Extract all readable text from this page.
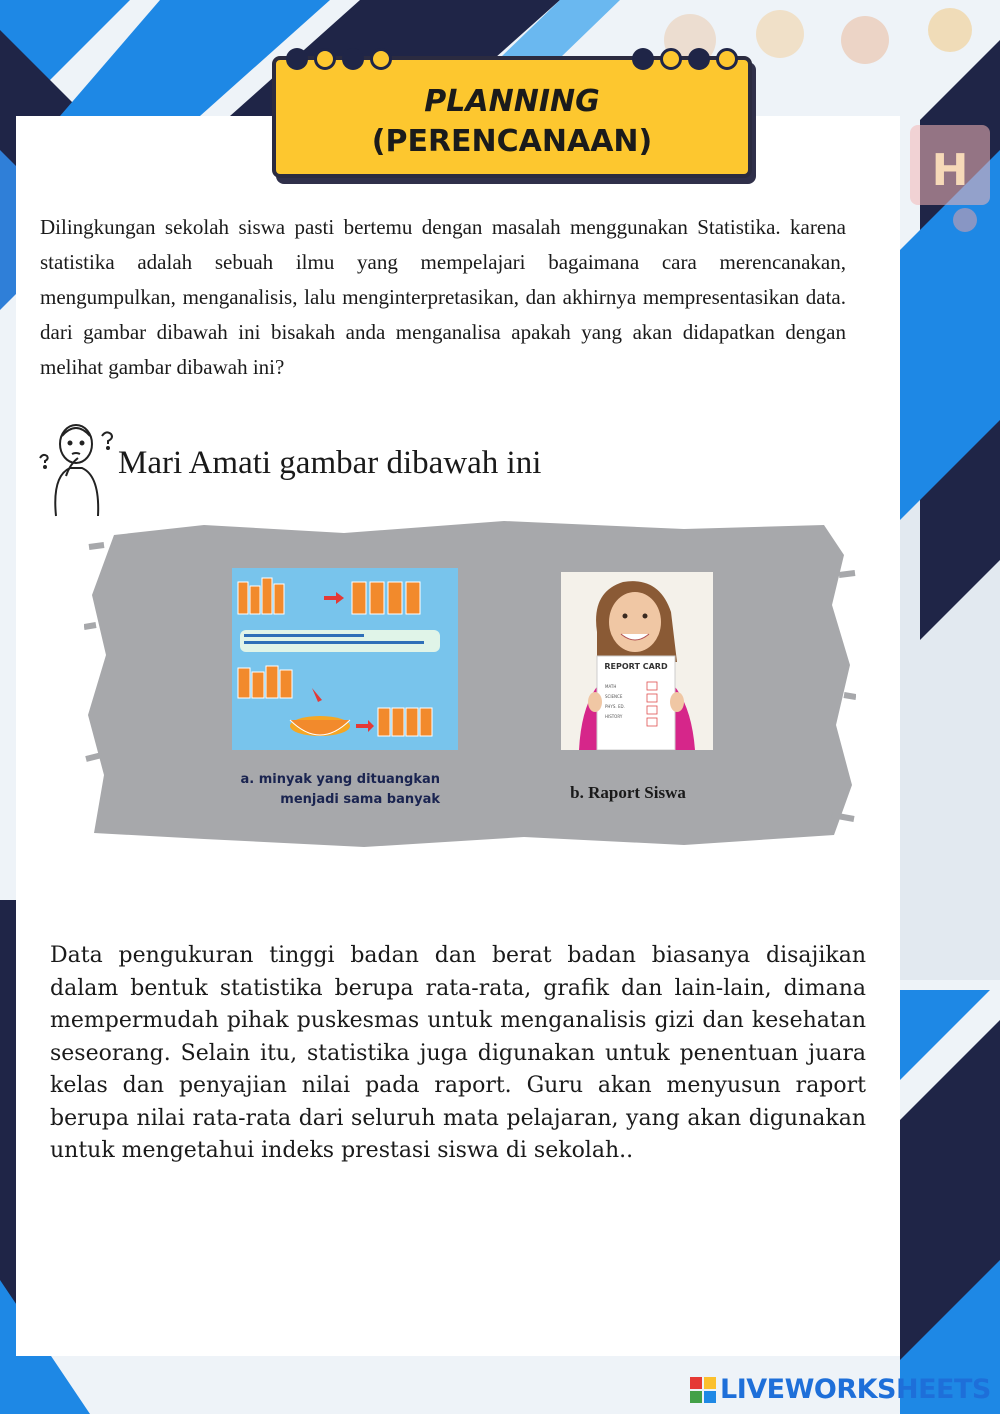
H
PLANNING
(PERENCANAAN)

Dilingkungan sekolah siswa pasti bertemu dengan masalah menggunakan Statistika. karena statistika adalah sebuah ilmu yang mempelajari bagaimana cara merencanakan, mengumpulkan, menganalisis, lalu menginterpretasikan, dan akhirnya mempresentasikan data. dari gambar dibawah ini bisakah anda menganalisa apakah yang akan didapatkan dengan melihat gambar dibawah ini?

Mari Amati gambar dibawah ini
REPORT CARD
MATH
SCIENCE
PHYS. ED.
HISTORY
a. minyak yang dituangkan menjadi sama banyak	b. Raport Siswa

Data pengukuran tinggi badan dan berat badan biasanya disajikan dalam bentuk statistika berupa rata-rata, grafik dan lain-lain, dimana mempermudah pihak puskesmas untuk menganalisis gizi dan kesehatan seseorang. Selain itu, statistika juga digunakan untuk penentuan juara kelas dan penyajian nilai pada raport. Guru akan menyusun raport berupa nilai rata-rata dari seluruh mata pelajaran, yang akan digunakan untuk mengetahui indeks prestasi siswa di sekolah..

LIVEWORKSHEETS
